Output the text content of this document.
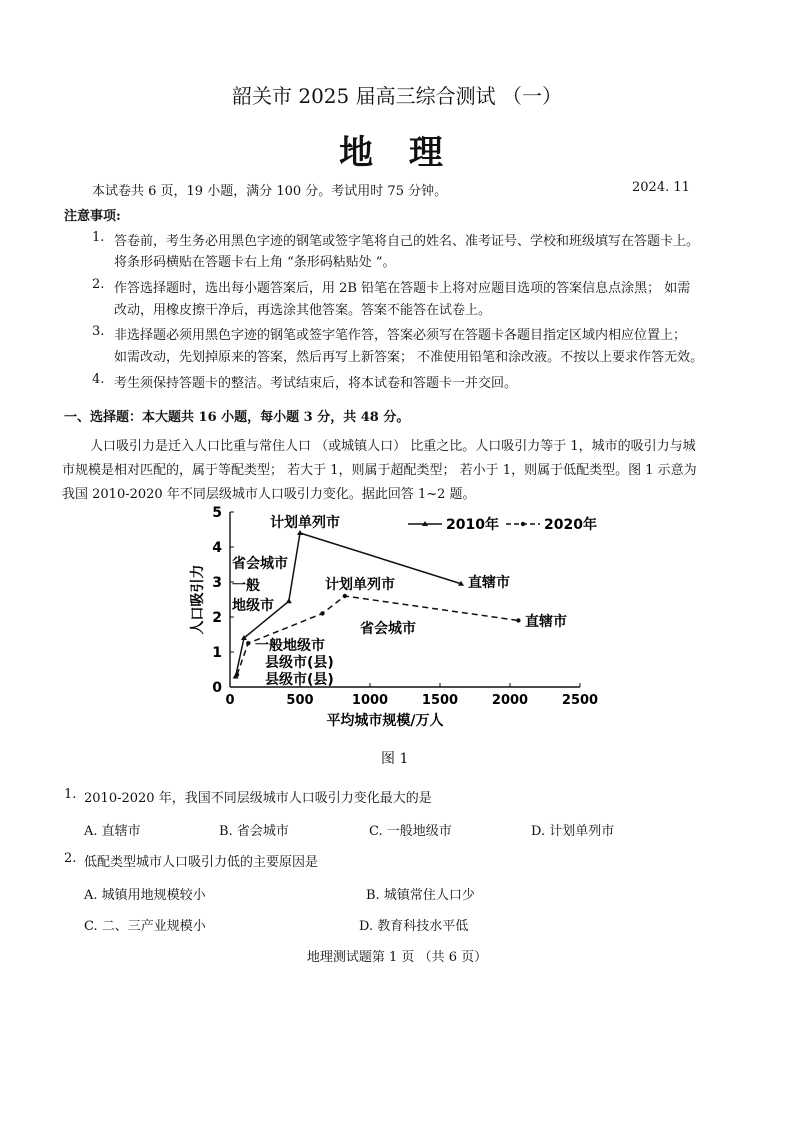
韶关市 2025 届高三综合测试 （一）
地 理
本试卷共 6 页，19 小题，满分 100 分。考试用时 75 分钟。	2024. 11
注意事项:
1. 答卷前，考生务必用黑色字迹的钢笔或签字笔将自己的姓名、准考证号、学校和班级填写在答题卡上。
将条形码横贴在答题卡右上角 “条形码粘贴处 ”。
2. 作答选择题时，选出每小题答案后，用 2B 铅笔在答题卡上将对应题目选项的答案信息点涂黑； 如需
改动，用橡皮擦干净后，再选涂其他答案。答案不能答在试卷上。
3. 非选择题必须用黑色字迹的钢笔或签字笔作答，答案必须写在答题卡各题目指定区域内相应位置上；
如需改动，先划掉原来的答案，然后再写上新答案； 不准使用铅笔和涂改液。不按以上要求作答无效。
4. 考生须保持答题卡的整洁。考试结束后，将本试卷和答题卡一并交回。
一、选择题：本大题共 16 小题，每小题 3 分，共 48 分。
人口吸引力是迁入人口比重与常住人口 （或城镇人口） 比重之比。人口吸引力等于 1，城市的吸引力与城
市规模是相对匹配的，属于等配类型； 若大于 1，则属于超配类型； 若小于 1，则属于低配类型。图 1 示意为
我国 2010-2020 年不同层级城市人口吸引力变化。据此回答 1~2 题。
0	500	1000	1500	2000	2500
0
1
2
3
4
5
平均城市规模/万人
人口吸引力
计划单列市
省会城市
一般
地级市
计划单列市	直辖市
直辖市
省会城市
一般地级市
县级市(县)
县级市(县)
2010年	2020年
图 1
1. 2010-2020 年，我国不同层级城市人口吸引力变化最大的是
A. 直辖市	B. 省会城市	C. 一般地级市	D. 计划单列市
2. 低配类型城市人口吸引力低的主要原因是
A. 城镇用地规模较小	B. 城镇常住人口少
C. 二、三产业规模小	D. 教育科技水平低
地理测试题第 1 页 （共 6 页）
